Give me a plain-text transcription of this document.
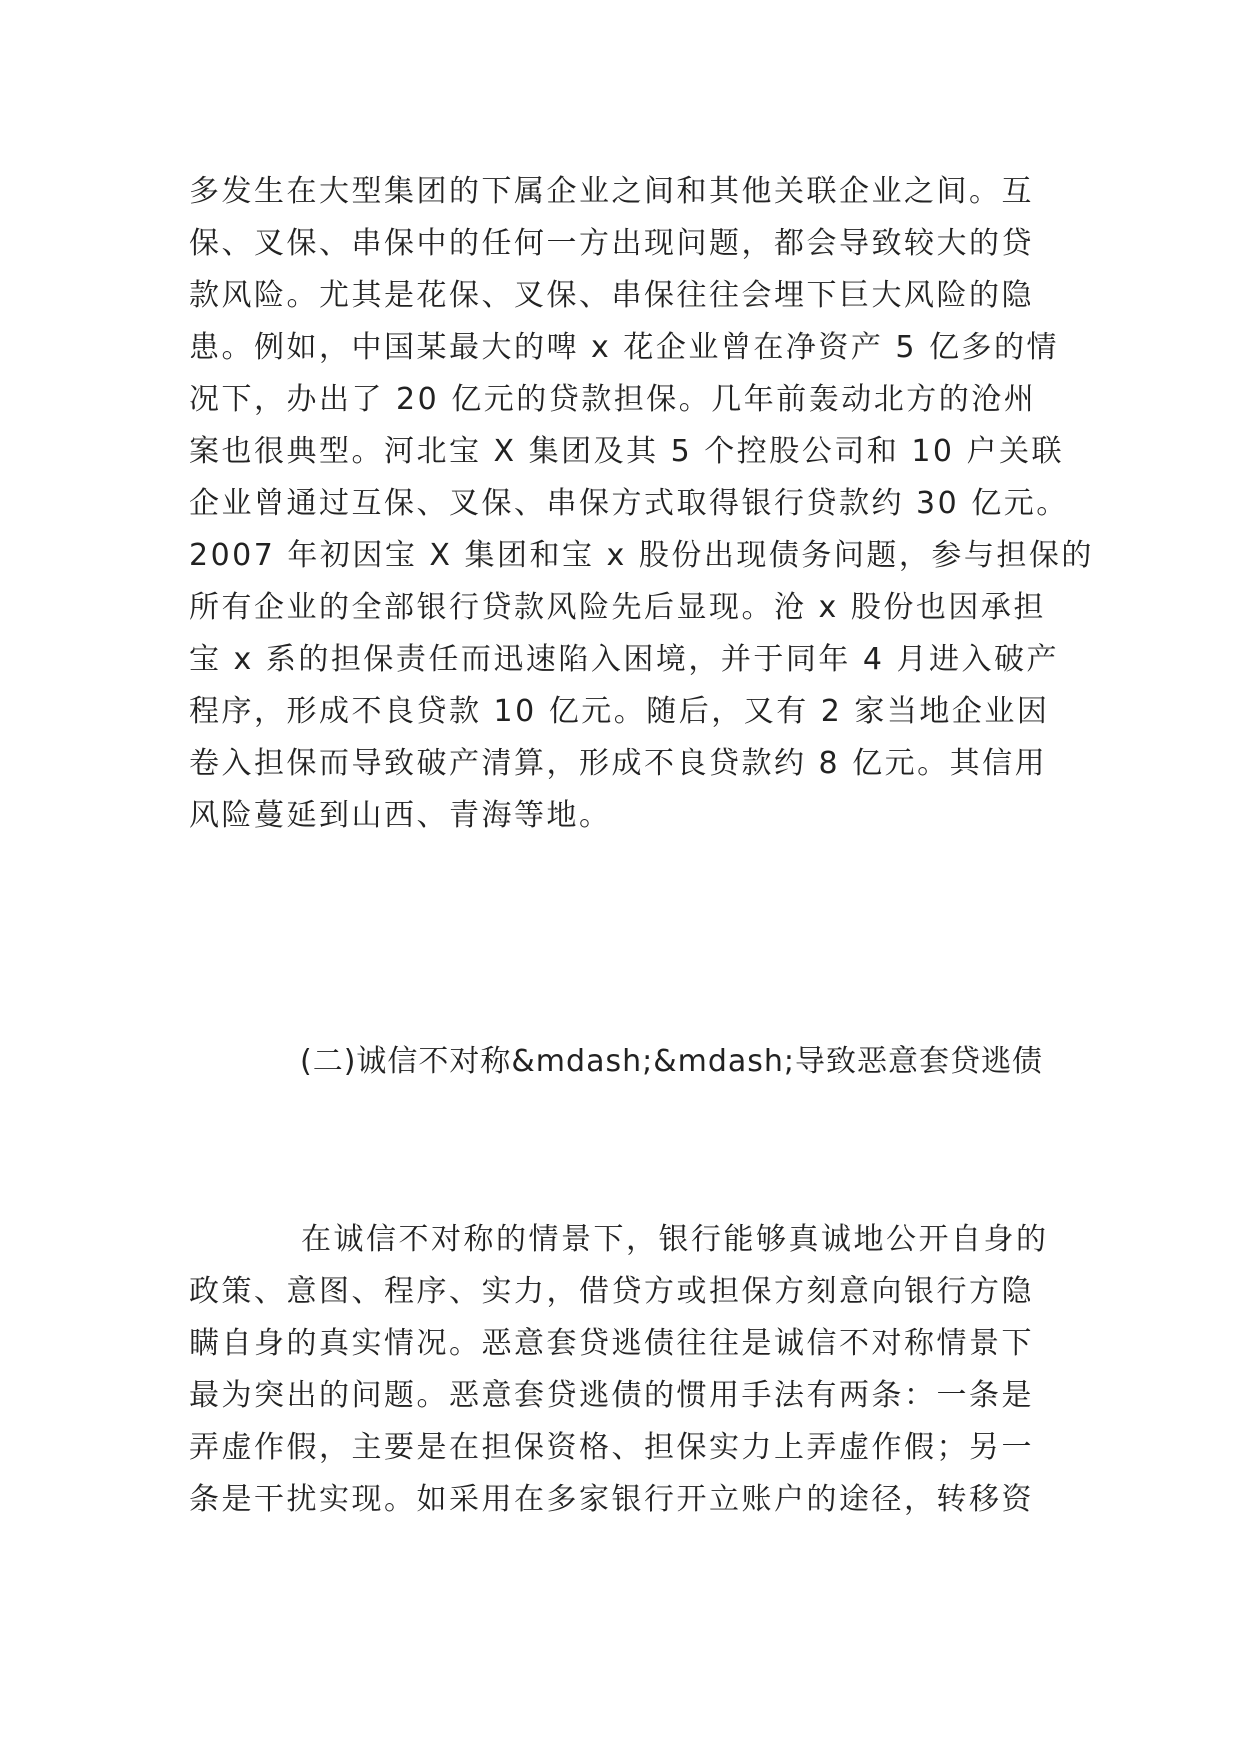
多发生在大型集团的下属企业之间和其他关联企业之间。互
保、叉保、串保中的任何一方出现问题，都会导致较大的贷
款风险。尤其是花保、叉保、串保往往会埋下巨大风险的隐
患。例如，中国某最大的啤 x 花企业曾在净资产 5 亿多的情
况下，办出了 20 亿元的贷款担保。几年前轰动北方的沧州
案也很典型。河北宝 X 集团及其 5 个控股公司和 10 户关联
企业曾通过互保、叉保、串保方式取得银行贷款约 30 亿元。
2007 年初因宝 X 集团和宝 x 股份出现债务问题，参与担保的
所有企业的全部银行贷款风险先后显现。沧 x 股份也因承担
宝 x 系的担保责任而迅速陷入困境，并于同年 4 月进入破产
程序，形成不良贷款 10 亿元。随后，又有 2 家当地企业因
卷入担保而导致破产清算，形成不良贷款约 8 亿元。其信用
风险蔓延到山西、青海等地。
(二)诚信不对称&mdash;&mdash;导致恶意套贷逃债
在诚信不对称的情景下，银行能够真诚地公开自身的
政策、意图、程序、实力，借贷方或担保方刻意向银行方隐
瞒自身的真实情况。恶意套贷逃债往往是诚信不对称情景下
最为突出的问题。恶意套贷逃债的惯用手法有两条：一条是
弄虚作假，主要是在担保资格、担保实力上弄虚作假；另一
条是干扰实现。如采用在多家银行开立账户的途径，转移资
